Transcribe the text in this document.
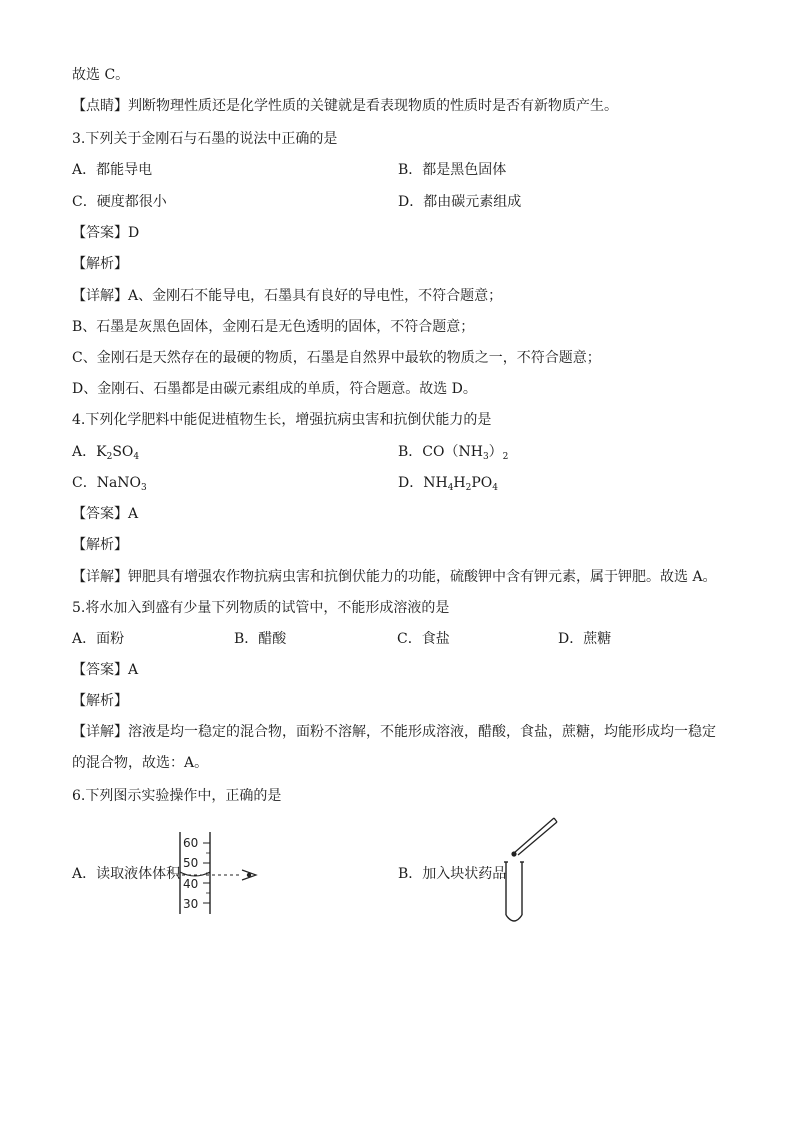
故选 C。
【点睛】判断物理性质还是化学性质的关键就是看表现物质的性质时是否有新物质产生。
3.下列关于金刚石与石墨的说法中正确的是
A．都能导电	B．都是黑色固体
C．硬度都很小	D．都由碳元素组成
【答案】D
【解析】
【详解】A、金刚石不能导电，石墨具有良好的导电性，不符合题意；
B、石墨是灰黑色固体，金刚石是无色透明的固体，不符合题意；
C、金刚石是天然存在的最硬的物质，石墨是自然界中最软的物质之一，不符合题意；
D、金刚石、石墨都是由碳元素组成的单质，符合题意。故选 D。
4.下列化学肥料中能促进植物生长，增强抗病虫害和抗倒伏能力的是
A．$K_2SO_4$	B．$CO(NH_3)_2$
C．NaNO$_3$	D．$NH_4H_2PO_4$
【答案】A
【解析】
【详解】钾肥具有增强农作物抗病虫害和抗倒伏能力的功能，硫酸钾中含有钾元素，属于钾肥。故选 A。
5.将水加入到盛有少量下列物质的试管中，不能形成溶液的是
A．面粉	B．醋酸	C．食盐	D．蔗糖
【答案】A
【解析】
【详解】溶液是均一稳定的混合物，面粉不溶解，不能形成溶液，醋酸，食盐，蔗糖，均能形成均一稳定的混合物，故选：A。
6.下列图示实验操作中，正确的是
A．读取液体体积	B．加入块状药品
60
50
40
30
